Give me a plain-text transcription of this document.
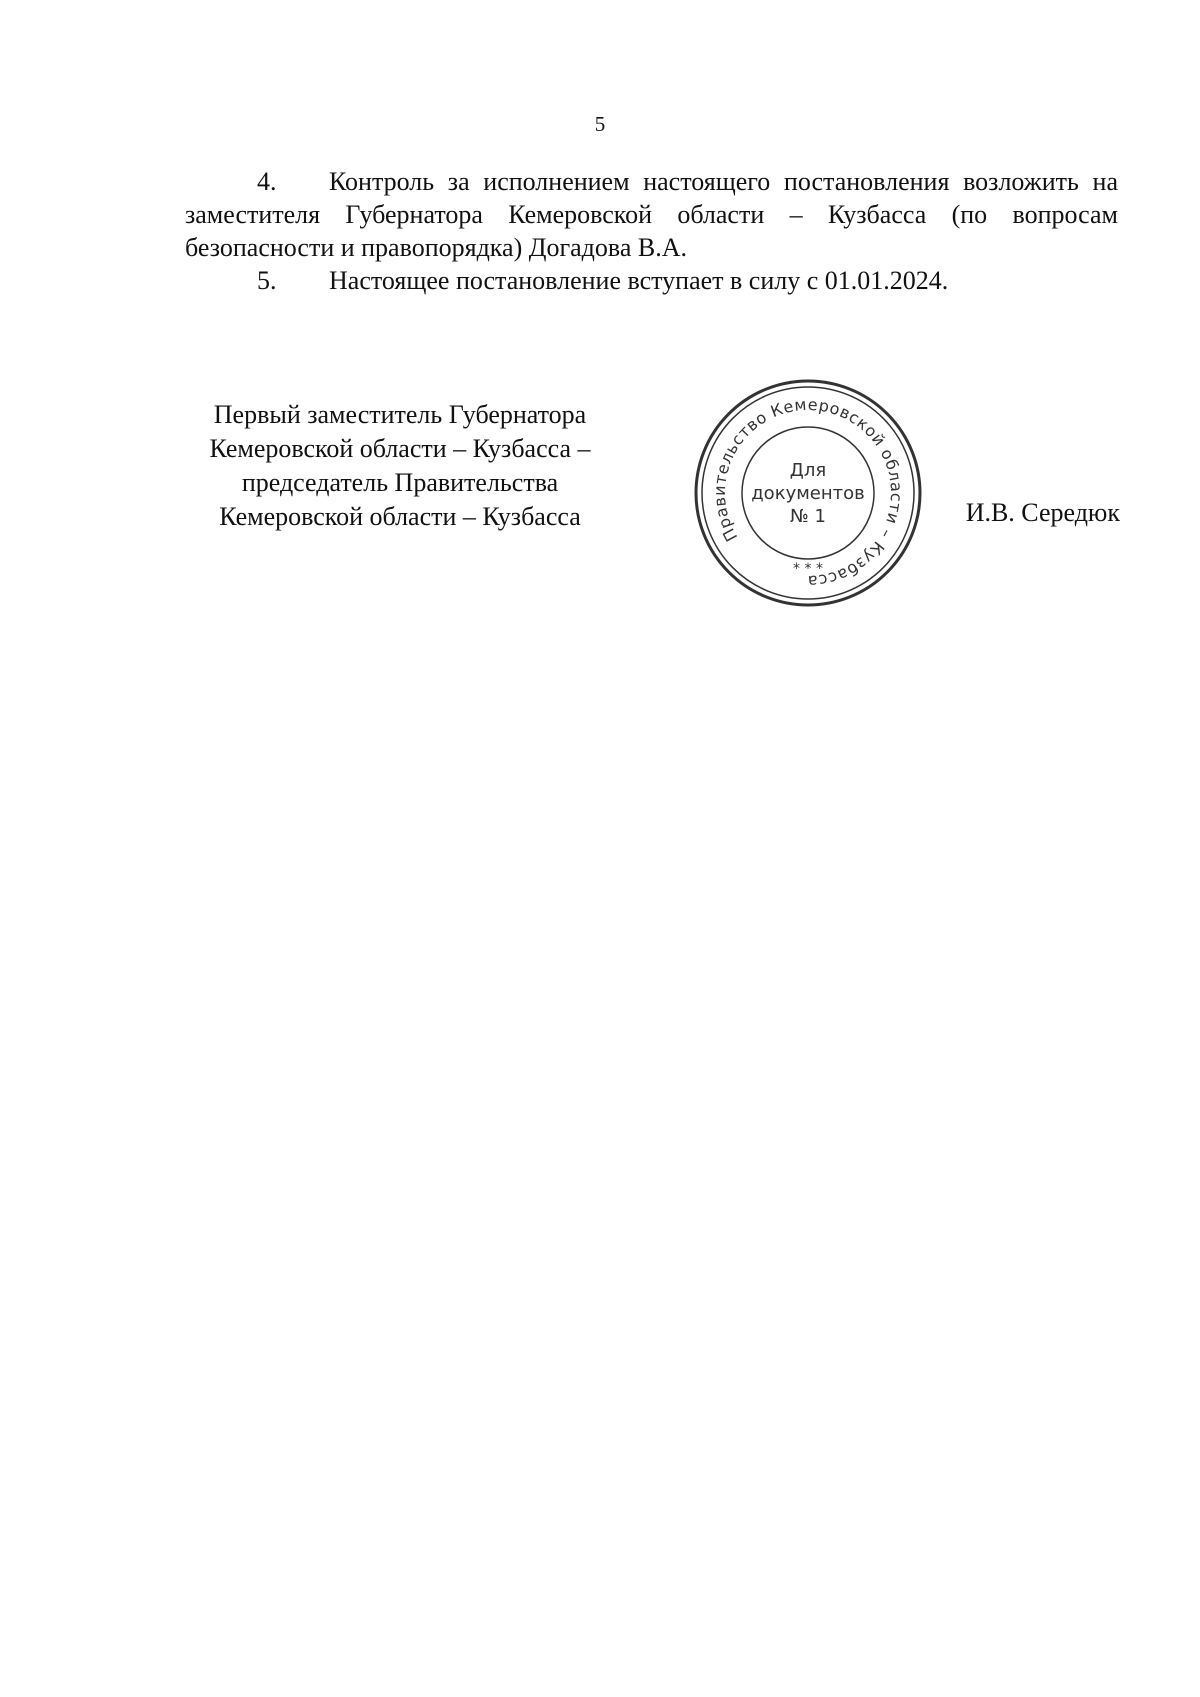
5

4. Контроль за исполнением настоящего постановления возложить на заместителя Губернатора Кемеровской области – Кузбасса (по вопросам безопасности и правопорядка) Догадова В.А.

5. Настоящее постановление вступает в силу с 01.01.2024.

Первый заместитель Губернатора
Кемеровской области – Кузбасса –
председатель Правительства
Кемеровской области – Кузбасса
Правительство Кемеровской области – Кузбасса
* * *
Для
документов
№ 1	И.В. Середюк
